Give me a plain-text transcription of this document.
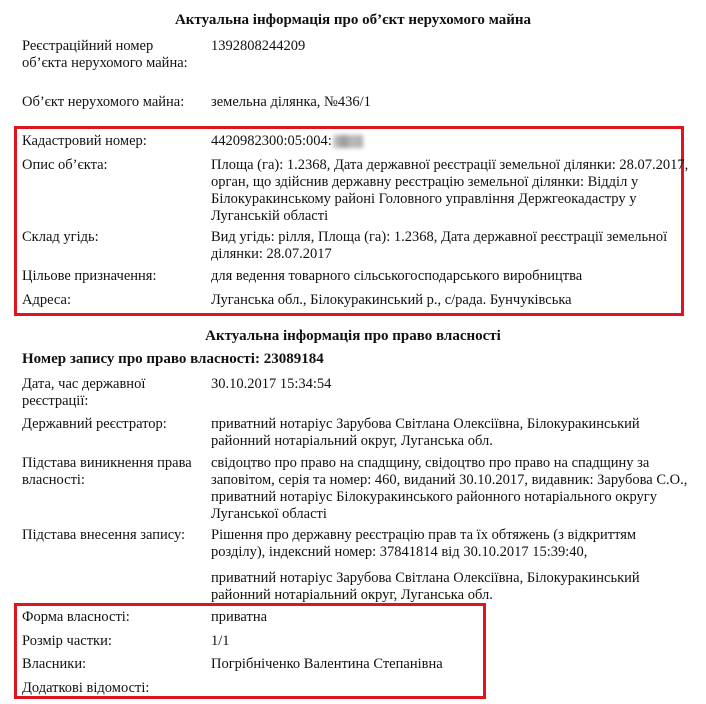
Актуальна інформація про об’єкт нерухомого майна
Реєстраційний номер об’єкта нерухомого майна:
1392808244209
Об’єкт нерухомого майна:	земельна ділянка, №436/1
Кадастровий номер:	4420982300:05:004:
Опис об’єкта:	Площа (га): 1.2368, Дата державної реєстрації земельної ділянки: 28.07.2017, орган, що здійснив державну реєстрацію земельної ділянки: Відділ у Білокуракинському районі Головного управління Держгеокадастру у Луганській області
Склад угідь:	Вид угідь: рілля, Площа (га): 1.2368, Дата державної реєстрації земельної ділянки: 28.07.2017
Цільове призначення:	для ведення товарного сільськогосподарського виробництва
Адреса:	Луганська обл., Білокуракинський р., с/рада. Бунчуківська
Актуальна інформація про право власності
Номер запису про право власності: 23089184
Дата, час державної реєстрації:
30.10.2017 15:34:54
Державний реєстратор:	приватний нотаріус Зарубова Світлана Олексіївна, Білокуракинський районний нотаріальний округ, Луганська обл.
Підстава виникнення права власності:
свідоцтво про право на спадщину, свідоцтво про право на спадщину за заповітом, серія та номер: 460, виданий 30.10.2017, видавник: Зарубова С.О., приватний нотаріус Білокуракинського районного нотаріального округу Луганської області
Підстава внесення запису:	Рішення про державну реєстрацію прав та їх обтяжень (з відкриттям розділу), індексний номер: 37841814 від 30.10.2017 15:39:40,
приватний нотаріус Зарубова Світлана Олексіївна, Білокуракинський районний нотаріальний округ, Луганська обл.
Форма власності:	приватна
Розмір частки:	1/1
Власники:	Погрібніченко Валентина Степанівна
Додаткові відомості:
